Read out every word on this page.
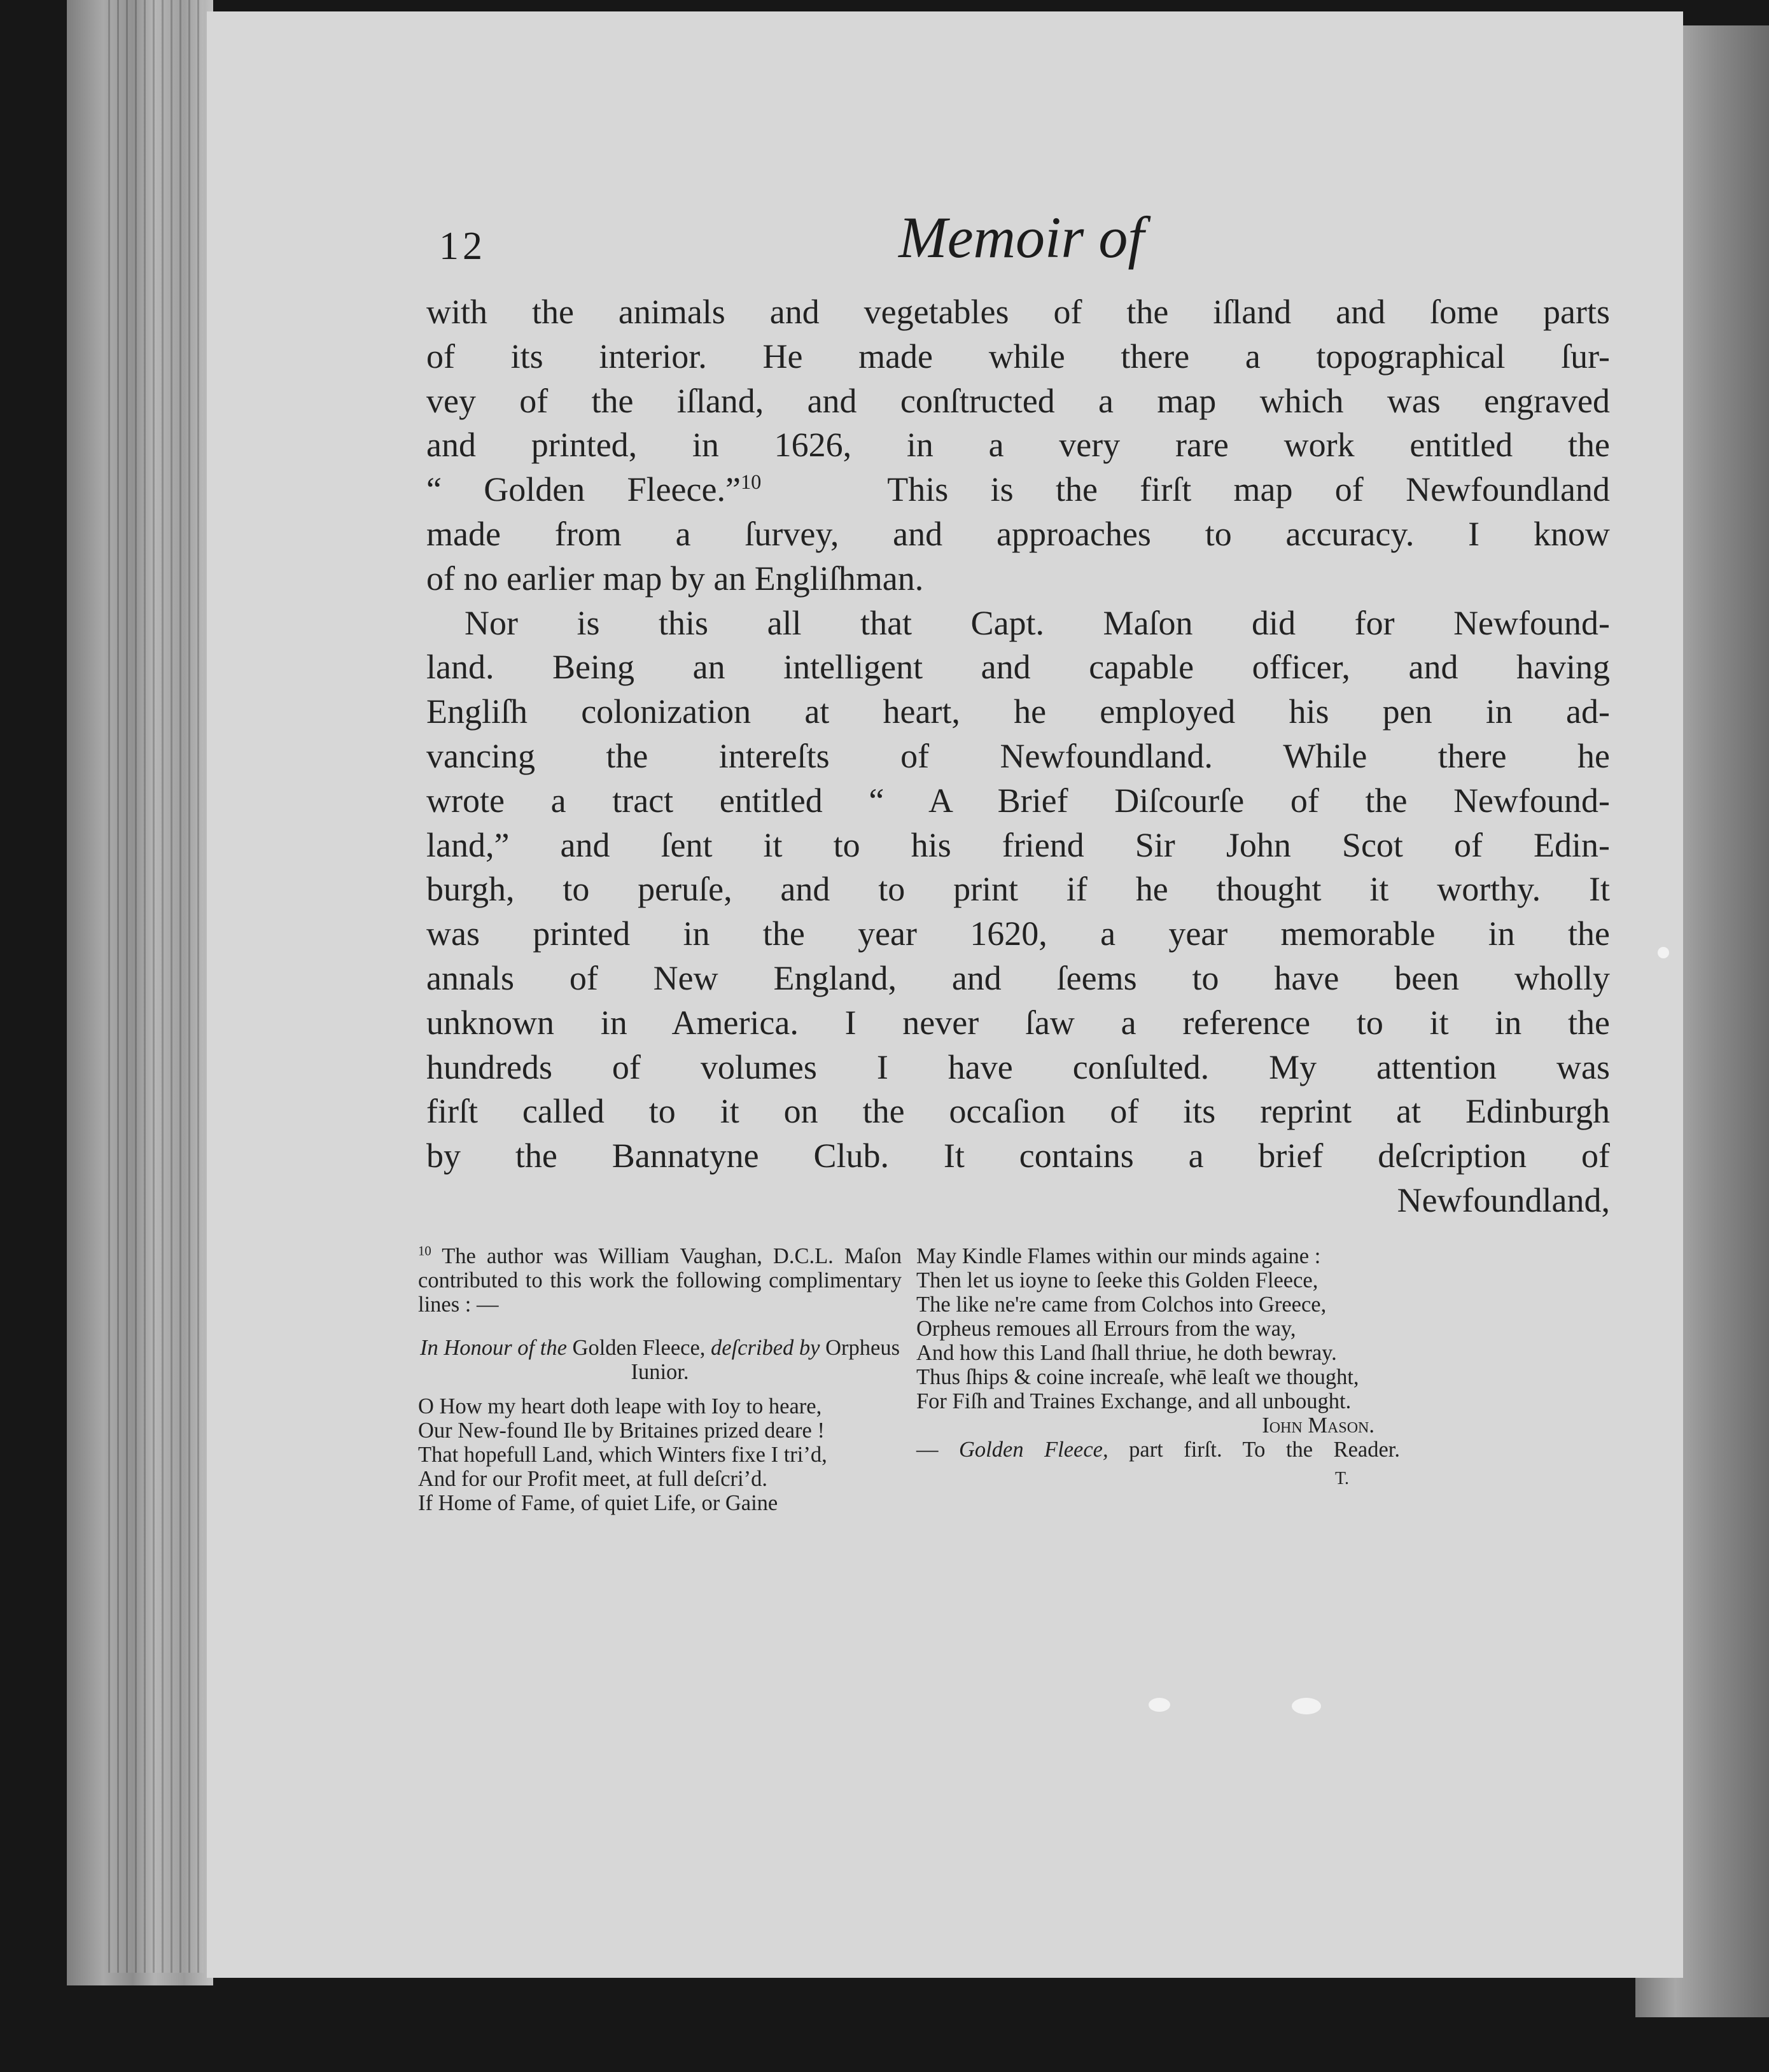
12	Memoir of
with the animals and vegetables of the iſland and ſome parts
of its interior. He made while there a topographical ſur-
vey of the iſland, and conſtructed a map which was engraved
and printed, in 1626, in a very rare work entitled the
“ Golden Fleece.”$^{10}$	This is the firſt map of Newfoundland
made from a ſurvey, and approaches to accuracy. I know
of no earlier map by an Engliſhman.
Nor is this all that Capt. Maſon did for Newfound-
land. Being an intelligent and capable officer, and having
Engliſh colonization at heart, he employed his pen in ad-
vancing the intereſts of Newfoundland. While there he
wrote a tract entitled “ A Brief Diſcourſe of the Newfound-
land,” and ſent it to his friend Sir John Scot of Edin-
burgh, to peruſe, and to print if he thought it worthy. It
was printed in the year 1620, a year memorable in the
annals of New England, and ſeems to have been wholly
unknown in America. I never ſaw a reference to it in the
hundreds of volumes I have conſulted. My attention was
firſt called to it on the occaſion of its reprint at Edinburgh
by the Bannatyne Club. It contains a brief deſcription of
Newfoundland,
$^{10}$ The author was William Vaughan, D.C.L. Maſon contributed to this work the following complimentary lines : —
In Honour of the Golden Fleece, deſcribed by Orpheus Iunior.
O How my heart doth leape with Ioy to heare,
Our New-found Ile by Britaines prized deare !
That hopefull Land, which Winters fixe I tri’d,
And for our Profit meet, at full deſcri’d.
If Home of Fame, of quiet Life, or Gaine
May Kindle Flames within our minds againe :
Then let us ioyne to ſeeke this Golden Fleece,
The like ne're came from Colchos into Greece,
Orpheus remoues all Errours from the way,
And how this Land ſhall thriue, he doth bewray.
Thus ſhips & coine increaſe, whē leaſt we thought,
For Fiſh and Traines Exchange, and all unbought.
Iohn Mason.
— Golden Fleece, part firſt. To the Reader.
T.
